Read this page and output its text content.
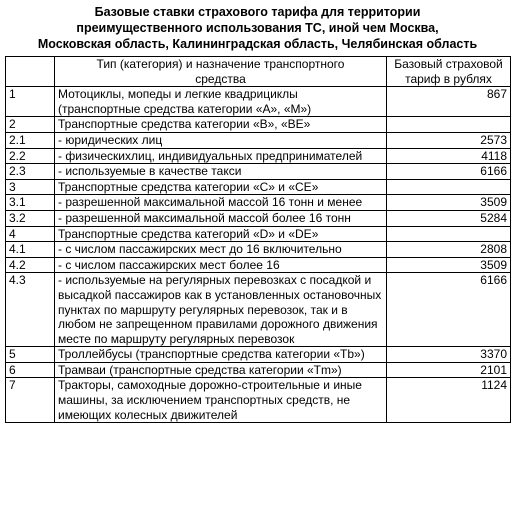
Базовые ставки страхового тарифа для территории
преимущественного использования ТС, иной чем Москва,
Московская область, Калининградская область, Челябинская область
	Тип (категория) и назначение транспортного средства	Базовый страховой тариф в рублях
1	Мотоциклы, мопеды и легкие квадрициклы (транспортные средства категории «А», «М»)	867
2	Транспортные средства категории «В», «ВЕ»	
2.1	- юридических лиц	2573
2.2	- физическихлиц, индивидуальных предпринимателей	4118
2.3	- используемые в качестве такси	6166
3	Транспортные средства категории «С» и «СЕ»	
3.1	- разрешенной максимальной массой 16 тонн и менее	3509
3.2	- разрешенной максимальной массой более 16 тонн	5284
4	Транспортные средства категорий «D» и «DE»	
4.1	- с числом пассажирских мест до 16 включительно	2808
4.2	- с числом пассажирских мест более 16	3509
4.3	- используемые на регулярных перевозках с посадкой и высадкой пассажиров как в установленных остановочных пунктах по маршруту регулярных перевозок, так и в любом не запрещенном правилами дорожного движения месте по маршруту регулярных перевозок	6166
5	Троллейбусы (транспортные средства категории «Tb»)	3370
6	Трамваи (транспортные средства категории «Tm»)	2101
7	Тракторы, самоходные дорожно-строительные и иные машины, за исключением транспортных средств, не имеющих колесных движителей	1124
